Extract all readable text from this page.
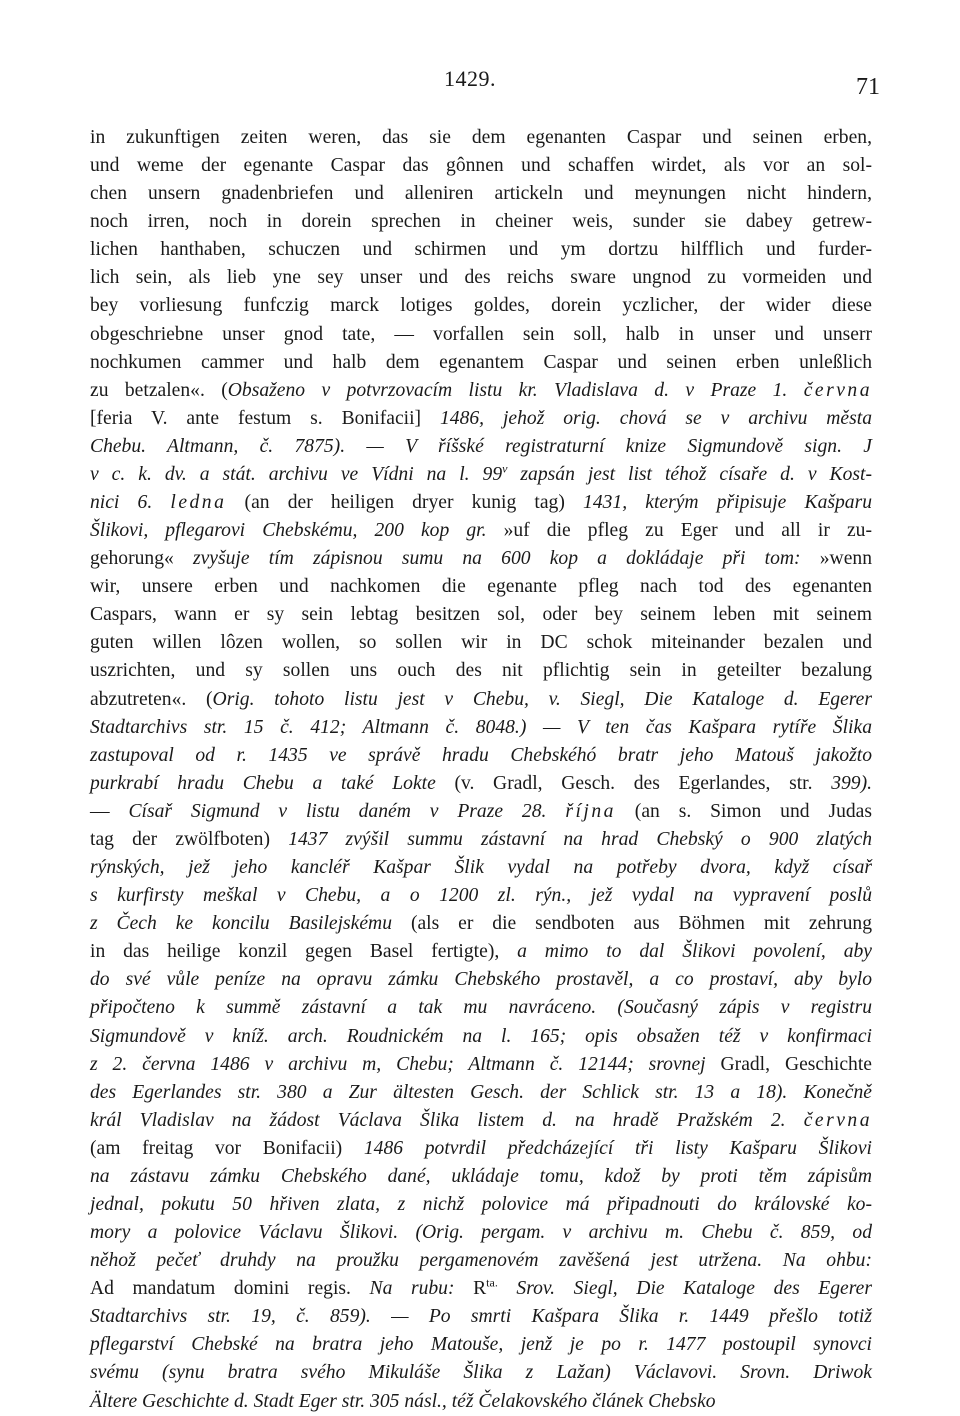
1429.	71
in zukunftigen zeiten weren, das sie dem egenanten Caspar und seinen erben,
und weme der egenante Caspar das gônnen und schaffen wirdet, als vor an sol-
chen unsern gnadenbriefen und alleniren artickeln und meynungen nicht hindern,
noch irren, noch in dorein sprechen in cheiner weis, sunder sie dabey getrew-
lichen hanthaben, schuczen und schirmen und ym dortzu hilfflich und furder-
lich sein, als lieb yne sey unser und des reichs sware ungnod zu vormeiden und
bey vorliesung funfczig marck lotiges goldes, dorein yczlicher, der wider diese
obgeschriebne unser gnod tate, — vorfallen sein soll, halb in unser und unserr
nochkumen cammer und halb dem egenantem Caspar und seinen erben unleßlich
zu betzalen«. (Obsaženo v potvrzovacím listu kr. Vladislava d. v Praze 1. června
[feria V. ante festum s. Bonifacii] 1486, jehož orig. chová se v archivu města
Chebu. Altmann, č. 7875). — V říšské registraturní knize Sigmundově sign. J
v c. k. dv. a stát. archivu ve Vídni na l. 99$^v$ zapsán jest list téhož císaře d. v Kost-
nici 6. ledna (an der heiligen dryer kunig tag) 1431, kterým připisuje Kašparu
Šlikovi, pflegarovi Chebskému, 200 kop gr. »uf die pfleg zu Eger und all ir zu-
gehorung« zvyšuje tím zápisnou sumu na 600 kop a dokládaje při tom: »wenn
wir, unsere erben und nachkomen die egenante pfleg nach tod des egenanten
Caspars, wann er sy sein lebtag besitzen sol, oder bey seinem leben mit seinem
guten willen lôzen wollen, so sollen wir in DC schok miteinander bezalen und
uszrichten, und sy sollen uns ouch des nit pflichtig sein in geteilter bezalung
abzutreten«. (Orig. tohoto listu jest v Chebu, v. Siegl, Die Kataloge d. Egerer
Stadtarchivs str. 15 č. 412; Altmann č. 8048.) — V ten čas Kašpara rytíře Šlika
zastupoval od r. 1435 ve správě hradu Chebskéhó bratr jeho Matouš jakožto
purkrabí hradu Chebu a také Lokte (v. Gradl, Gesch. des Egerlandes, str. 399).
— Císař Sigmund v listu daném v Praze 28. října (an s. Simon und Judas
tag der zwölfboten) 1437 zvýšil summu zástavní na hrad Chebský o 900 zlatých
rýnských, jež jeho kancléř Kašpar Šlik vydal na potřeby dvora, když císař
s kurfirsty meškal v Chebu, a o 1200 zl. rýn., jež vydal na vypravení poslů
z Čech ke koncilu Basilejskému (als er die sendboten aus Böhmen mit zehrung
in das heilige konzil gegen Basel fertigte), a mimo to dal Šlikovi povolení, aby
do své vůle peníze na opravu zámku Chebského prostavěl, a co prostaví, aby bylo
připočteno k summě zástavní a tak mu navráceno. (Současný zápis v registru
Sigmundově v kníž. arch. Roudnickém na l. 165; opis obsažen též v konfirmaci
z 2. června 1486 v archivu m, Chebu; Altmann č. 12144; srovnej Gradl, Geschichte
des Egerlandes str. 380 a Zur ältesten Gesch. der Schlick str. 13 a 18). Konečně
král Vladislav na žádost Václava Šlika listem d. na hradě Pražském 2. června
(am freitag vor Bonifacii) 1486 potvrdil předcházející tři listy Kašparu Šlikovi
na zástavu zámku Chebského dané, ukládaje tomu, kdož by proti těm zápisům
jednal, pokutu 50 hřiven zlata, z nichž polovice má připadnouti do královské ko-
mory a polovice Václavu Šlikovi. (Orig. pergam. v archivu m. Chebu č. 859, od
něhož pečeť druhdy na proužku pergamenovém zavěšená jest utržena. Na ohbu:
Ad mandatum domini regis. Na rubu: $R^{ta.}$ Srov. Siegl, Die Kataloge des Egerer
Stadtarchivs str. 19, č. 859). — Po smrti Kašpara Šlika r. 1449 přešlo totiž
pflegarství Chebské na bratra jeho Matouše, jenž je po r. 1477 postoupil synovci
svému (synu bratra svého Mikuláše Šlika z Lažan) Václavovi. Srovn. Driwok
Ältere Geschichte d. Stadt Eger str. 305 násl., též Čelakovského článek Chebsko
